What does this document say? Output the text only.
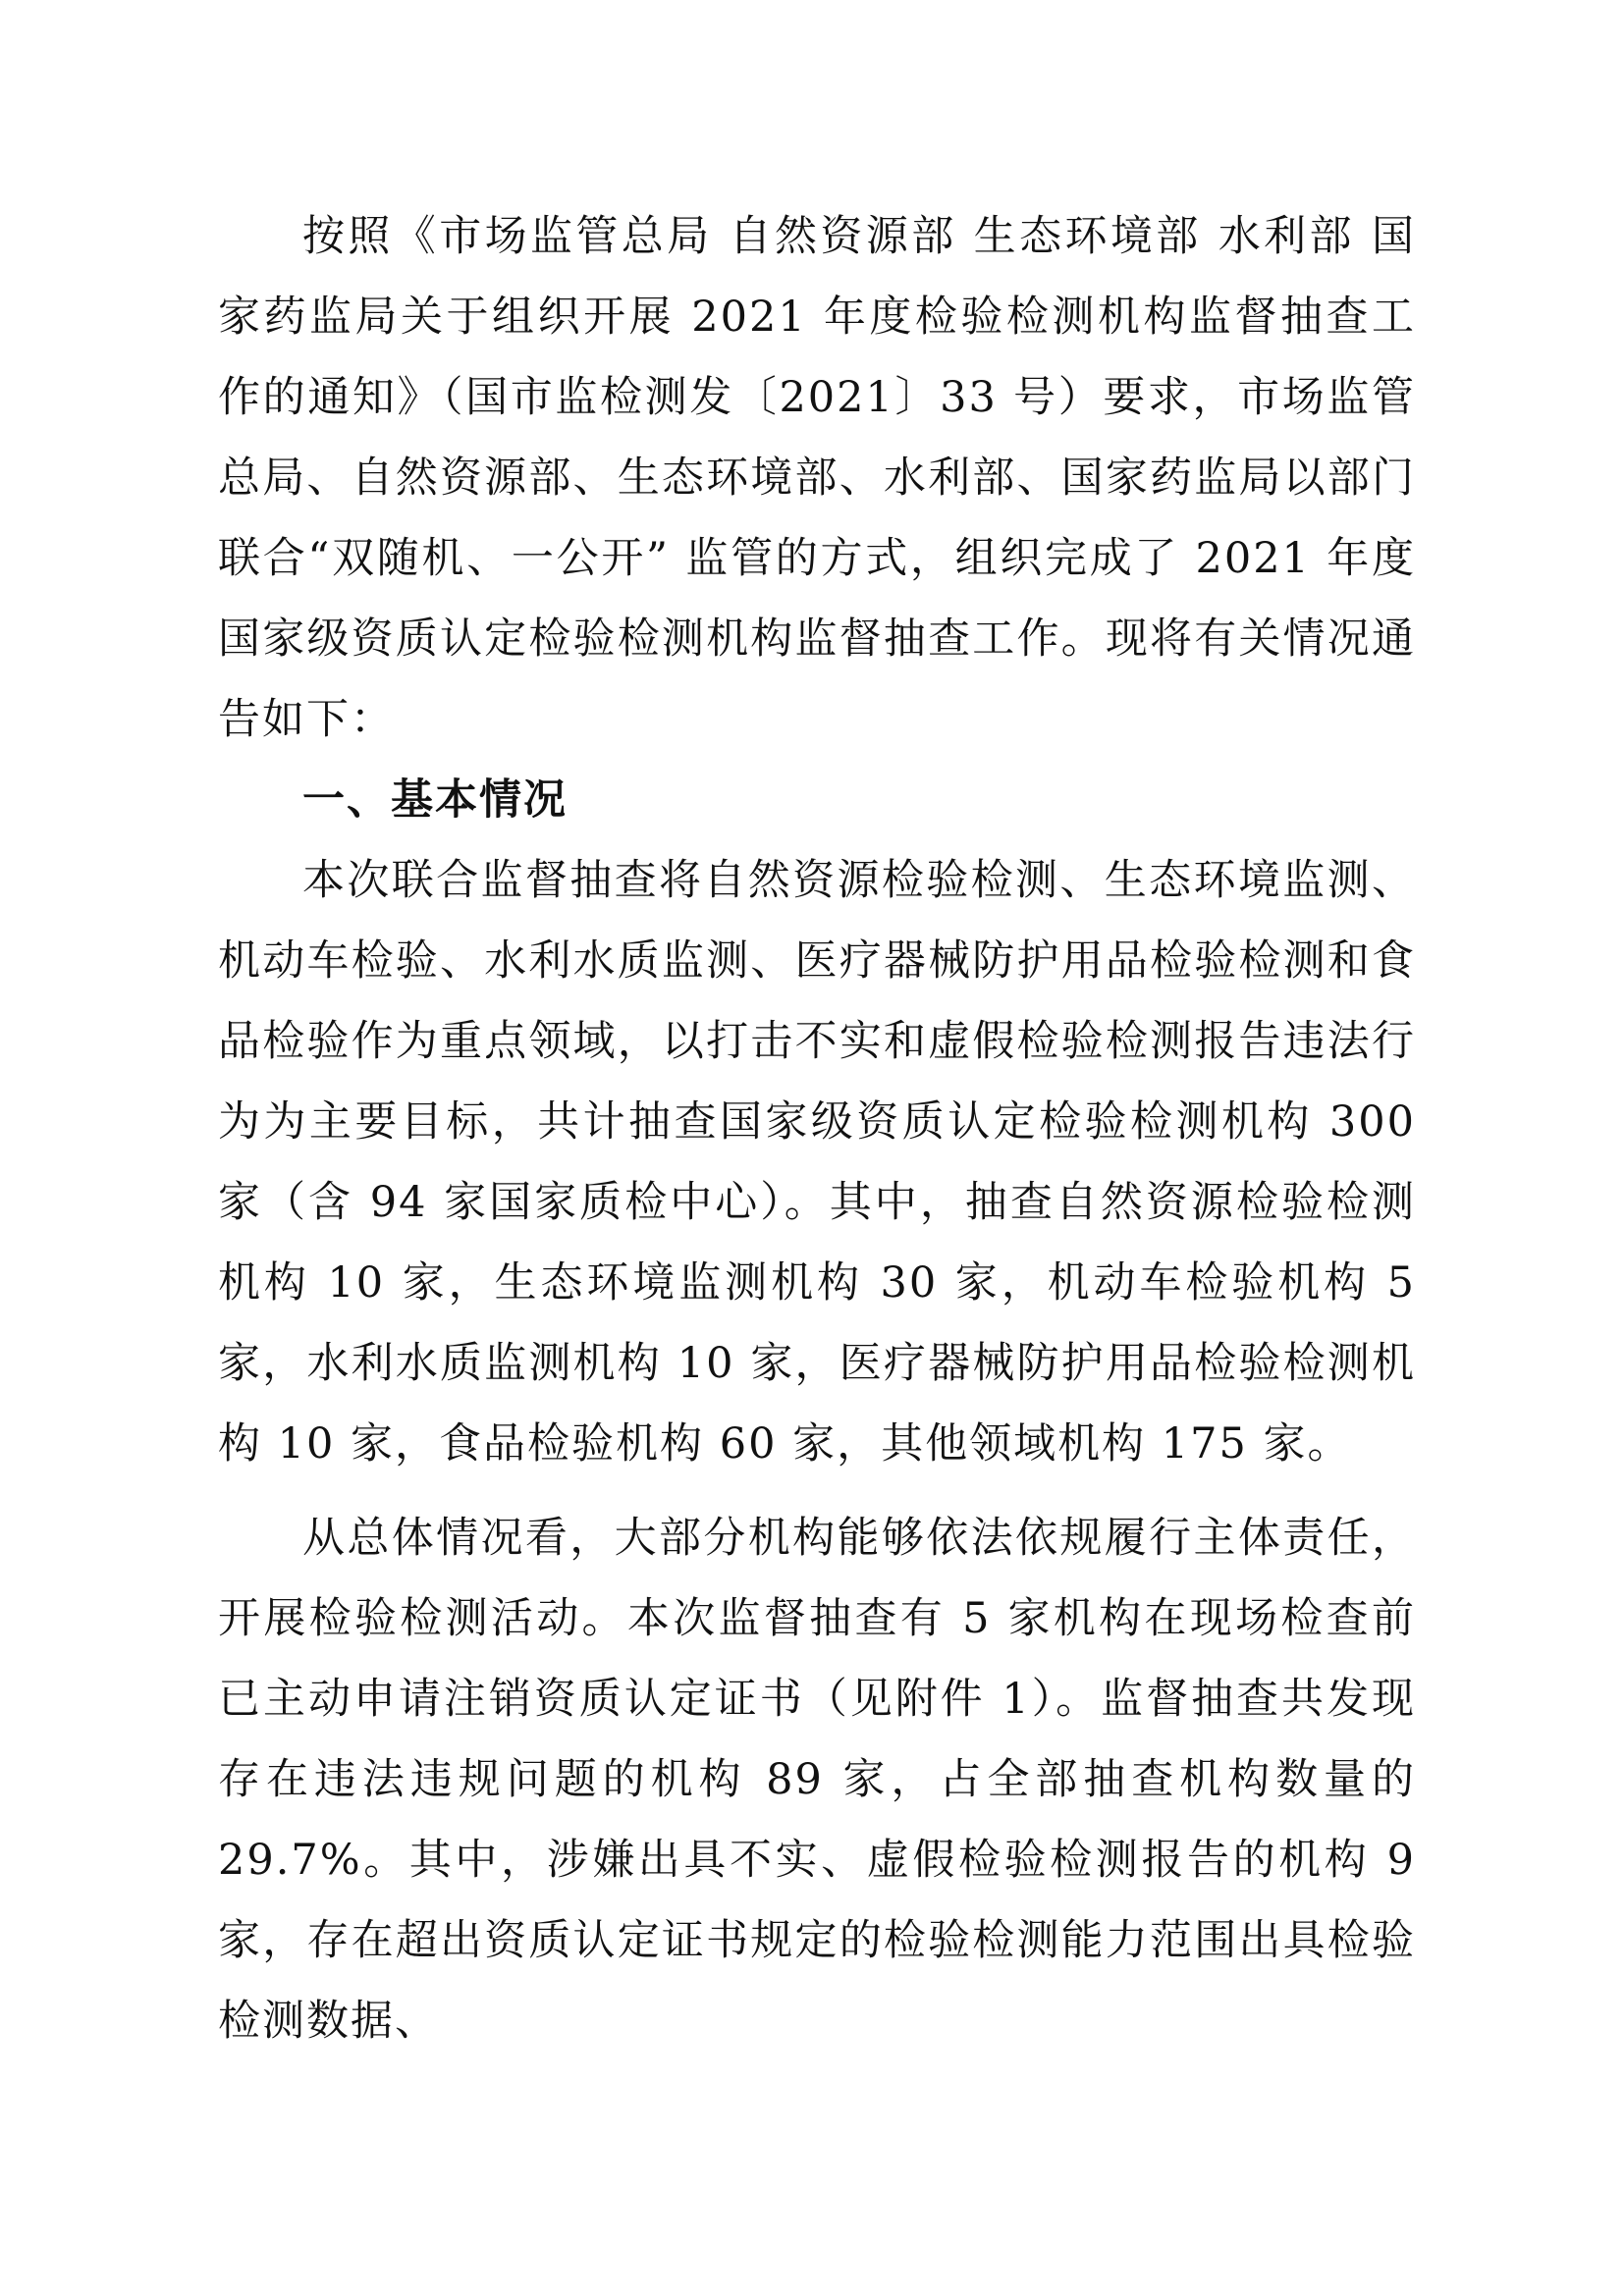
按照《市场监管总局 自然资源部 生态环境部 水利部 国家药监局关于组织开展 2021 年度检验检测机构监督抽查工作的通知》（国市监检测发〔2021〕33 号）要求，市场监管总局、自然资源部、生态环境部、水利部、国家药监局以部门联合“双随机、一公开” 监管的方式，组织完成了 2021 年度国家级资质认定检验检测机构监督抽查工作。现将有关情况通告如下：

一、基本情况

本次联合监督抽查将自然资源检验检测、生态环境监测、机动车检验、水利水质监测、医疗器械防护用品检验检测和食品检验作为重点领域，以打击不实和虚假检验检测报告违法行为为主要目标，共计抽查国家级资质认定检验检测机构 300 家（含 94 家国家质检中心）。其中，抽查自然资源检验检测机构 10 家，生态环境监测机构 30 家，机动车检验机构 5 家，水利水质监测机构 10 家，医疗器械防护用品检验检测机构 10 家，食品检验机构 60 家，其他领域机构 175 家。

从总体情况看，大部分机构能够依法依规履行主体责任，开展检验检测活动。本次监督抽查有 5 家机构在现场检查前已主动申请注销资质认定证书（见附件 1）。监督抽查共发现存在违法违规问题的机构 89 家，占全部抽查机构数量的 29.7%。其中，涉嫌出具不实、虚假检验检测报告的机构 9 家，存在超出资质认定证书规定的检验检测能力范围出具检验检测数据、
